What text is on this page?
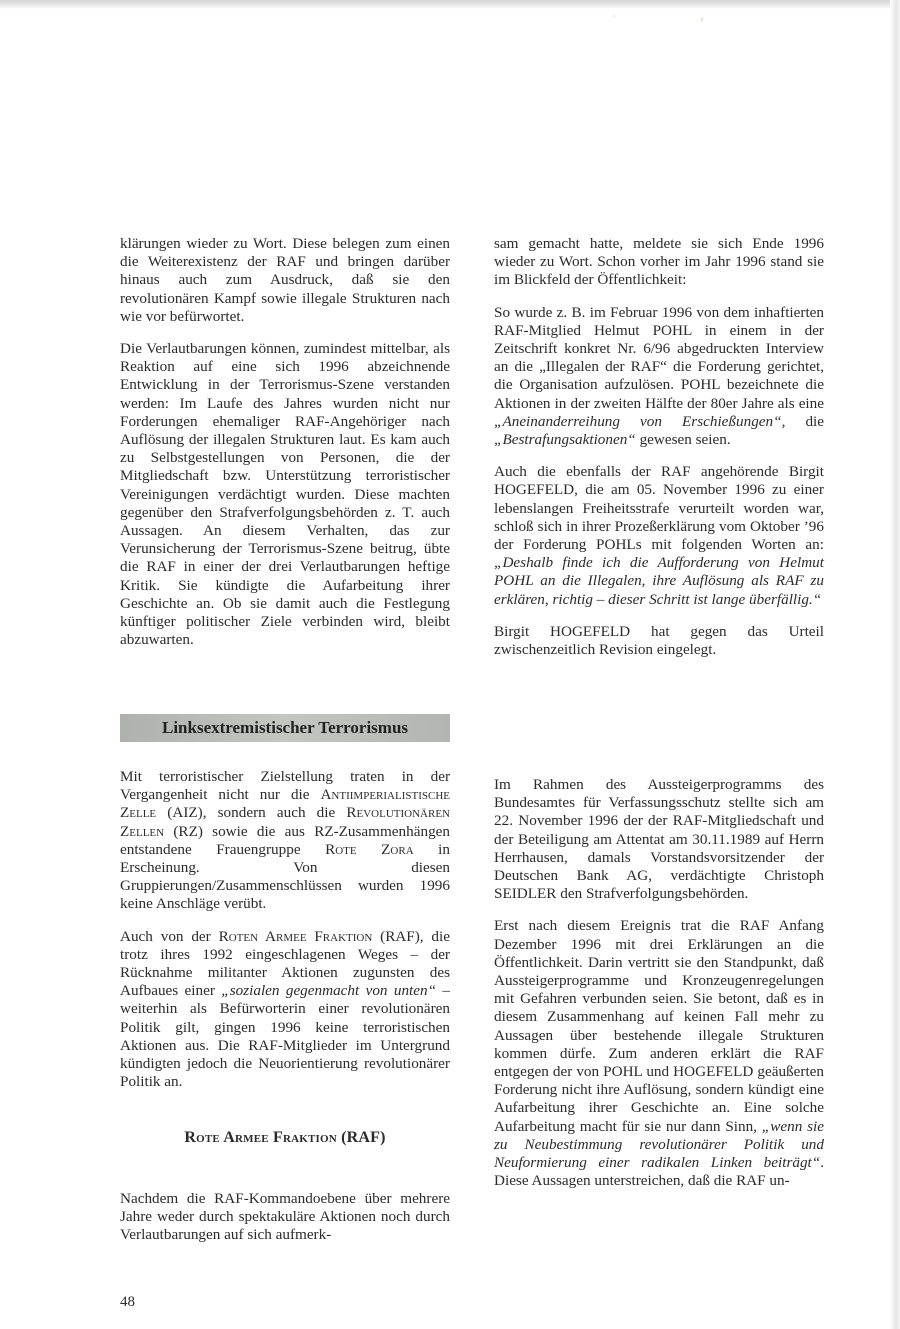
¨                                  ⸗

klärungen wieder zu Wort. Diese belegen zum einen die Weiterexistenz der RAF und bringen darüber hinaus auch zum Ausdruck, daß sie den revolutionären Kampf sowie illegale Strukturen nach wie vor befürwortet.

Die Verlautbarungen können, zumindest mittelbar, als Reaktion auf eine sich 1996 abzeichnende Entwicklung in der Terrorismus-Szene verstanden werden: Im Laufe des Jahres wurden nicht nur Forderungen ehemaliger RAF-Angehöriger nach Auflösung der illegalen Strukturen laut. Es kam auch zu Selbstgestellungen von Personen, die der Mitgliedschaft bzw. Unterstützung terroristischer Vereinigungen verdächtigt wurden. Diese machten gegenüber den Strafverfolgungsbehörden z. T. auch Aussagen. An diesem Verhalten, das zur Verunsicherung der Terrorismus-Szene beitrug, übte die RAF in einer der drei Verlautbarungen heftige Kritik. Sie kündigte die Aufarbeitung ihrer Geschichte an. Ob sie damit auch die Festlegung künftiger politischer Ziele verbinden wird, bleibt abzuwarten.

sam gemacht hatte, meldete sie sich Ende 1996 wieder zu Wort. Schon vorher im Jahr 1996 stand sie im Blickfeld der Öffentlichkeit:

So wurde z. B. im Februar 1996 von dem inhaftierten RAF-Mitglied Helmut POHL in einem in der Zeitschrift konkret Nr. 6/96 abgedruckten Interview an die „Illegalen der RAF“ die Forderung gerichtet, die Organisation aufzulösen. POHL bezeichnete die Aktionen in der zweiten Hälfte der 80er Jahre als eine „Aneinanderreihung von Erschießungen“, die „Bestrafungsaktionen“ gewesen seien.

Auch die ebenfalls der RAF angehörende Birgit HOGEFELD, die am 05. November 1996 zu einer lebenslangen Freiheitsstrafe verurteilt worden war, schloß sich in ihrer Prozeßerklärung vom Oktober ’96 der Forderung POHLs mit folgenden Worten an: „Deshalb finde ich die Aufforderung von Helmut POHL an die Illegalen, ihre Auflösung als RAF zu erklären, richtig – dieser Schritt ist lange überfällig.“

Birgit HOGEFELD hat gegen das Urteil zwischenzeitlich Revision eingelegt.

Linksextremistischer Terrorismus

Mit terroristischer Zielstellung traten in der Vergangenheit nicht nur die Antiimperialistische Zelle (AIZ), sondern auch die Revolutionären Zellen (RZ) sowie die aus RZ-Zusammenhängen entstandene Frauengruppe Rote Zora in Erscheinung. Von diesen Gruppierungen/Zusammenschlüssen wurden 1996 keine Anschläge verübt.

Auch von der Roten Armee Fraktion (RAF), die trotz ihres 1992 eingeschlagenen Weges – der Rücknahme militanter Aktionen zugunsten des Aufbaues einer „sozialen gegenmacht von unten“ – weiterhin als Befürworterin einer revolutionären Politik gilt, gingen 1996 keine terroristischen Aktionen aus. Die RAF-Mitglieder im Untergrund kündigten jedoch die Neuorientierung revolutionärer Politik an.

Rote Armee Fraktion (RAF)

Nachdem die RAF-Kommandoebene über mehrere Jahre weder durch spektakuläre Aktionen noch durch Verlautbarungen auf sich aufmerk-

Im Rahmen des Aussteigerprogramms des Bundesamtes für Verfassungsschutz stellte sich am 22. November 1996 der der RAF-Mitgliedschaft und der Beteiligung am Attentat am 30.11.1989 auf Herrn Herrhausen, damals Vorstandsvorsitzender der Deutschen Bank AG, verdächtigte Christoph SEIDLER den Strafverfolgungsbehörden.

Erst nach diesem Ereignis trat die RAF Anfang Dezember 1996 mit drei Erklärungen an die Öffentlichkeit. Darin vertritt sie den Standpunkt, daß Aussteigerprogramme und Kronzeugenregelungen mit Gefahren verbunden seien. Sie betont, daß es in diesem Zusammenhang auf keinen Fall mehr zu Aussagen über bestehende illegale Strukturen kommen dürfe. Zum anderen erklärt die RAF entgegen der von POHL und HOGEFELD geäußerten Forderung nicht ihre Auflösung, sondern kündigt eine Aufarbeitung ihrer Geschichte an. Eine solche Aufarbeitung macht für sie nur dann Sinn, „wenn sie zu Neubestimmung revolutionärer Politik und Neuformierung einer radikalen Linken beiträgt“. Diese Aussagen unterstreichen, daß die RAF un-

48
